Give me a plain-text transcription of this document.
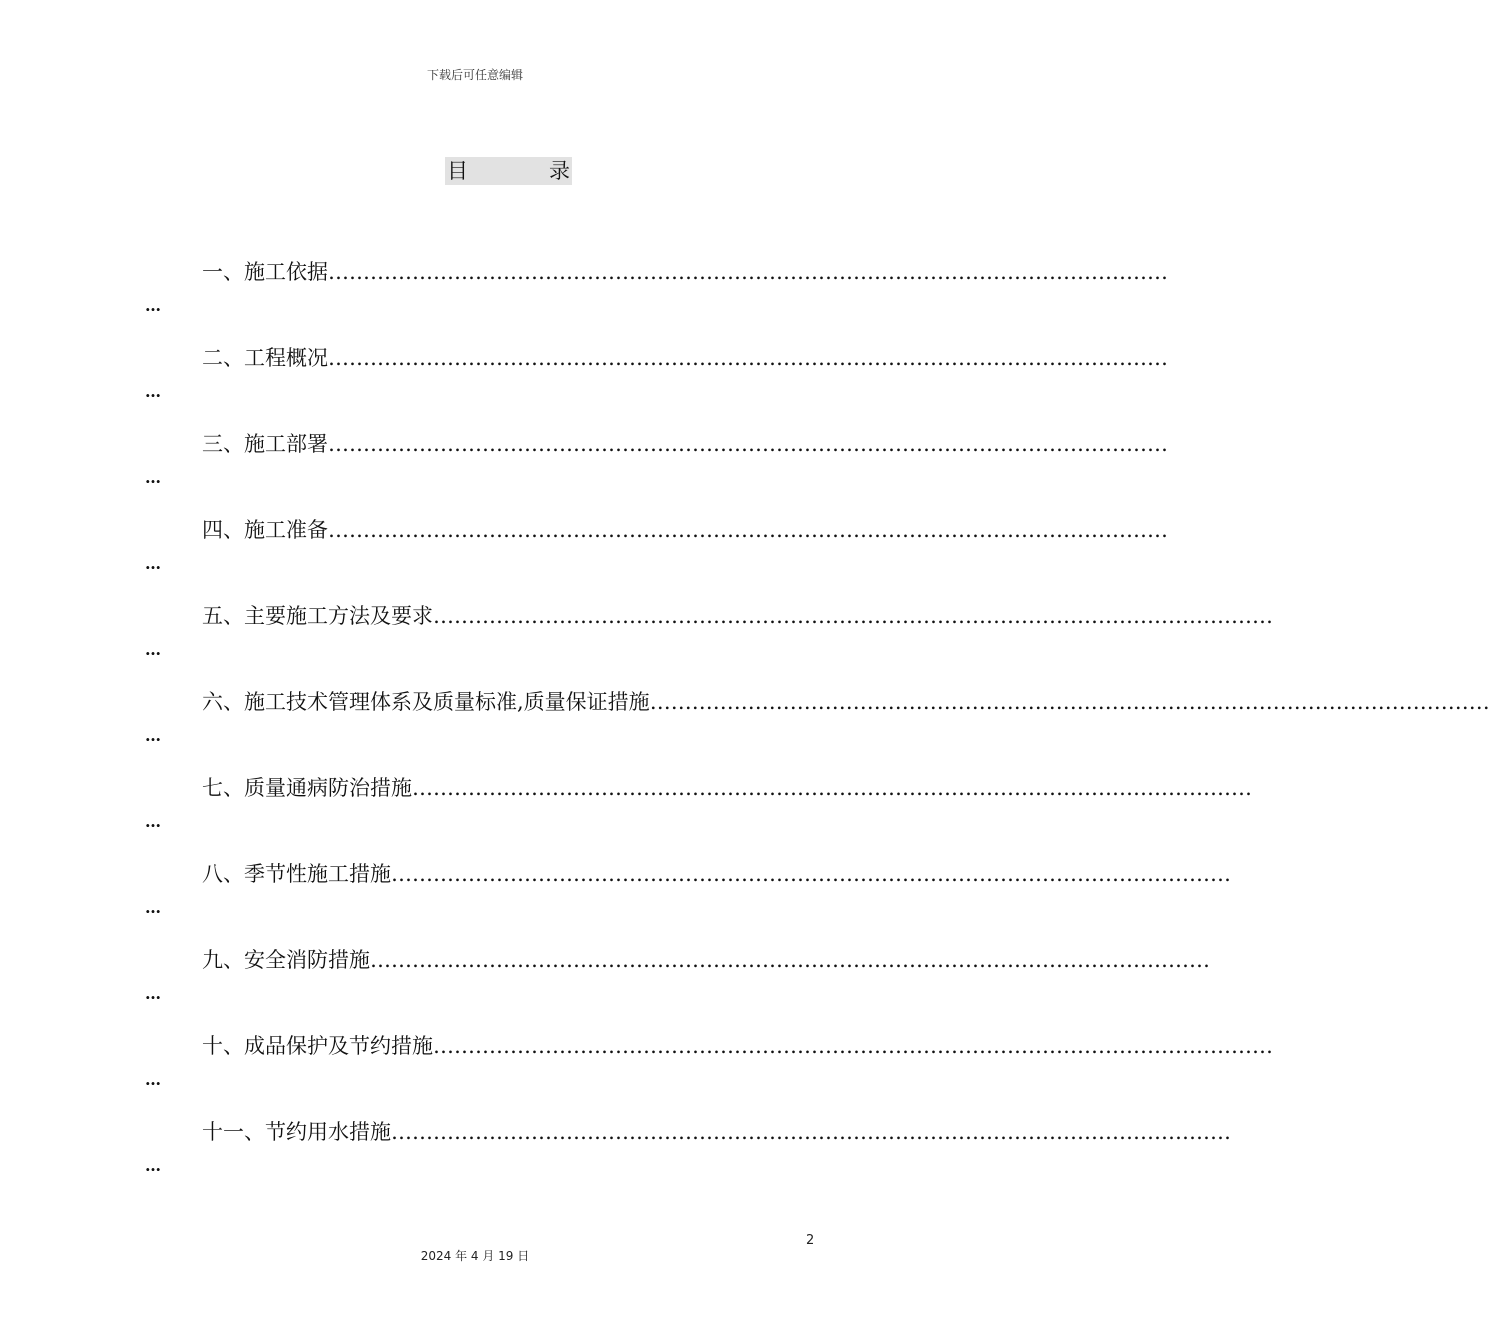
下载后可任意编辑
目	录
一、施工依据 …………………………………………………………………………………………………………
…
二、工程概况 …………………………………………………………………………………………………………
…
三、施工部署 …………………………………………………………………………………………………………
…
四、施工准备 …………………………………………………………………………………………………………
…
五、主要施工方法及要求 …………………………………………………………………………………………………………
…
六、施工技术管理体系及质量标准,质量保证措施 …………………………………………………………………………………………………………
…
七、质量通病防治措施 …………………………………………………………………………………………………………
…
八、季节性施工措施 …………………………………………………………………………………………………………
…
九、安全消防措施 …………………………………………………………………………………………………………
…
十、成品保护及节约措施 …………………………………………………………………………………………………………
…
十一、节约用水措施 …………………………………………………………………………………………………………
…
2
2024 年 4 月 19 日
